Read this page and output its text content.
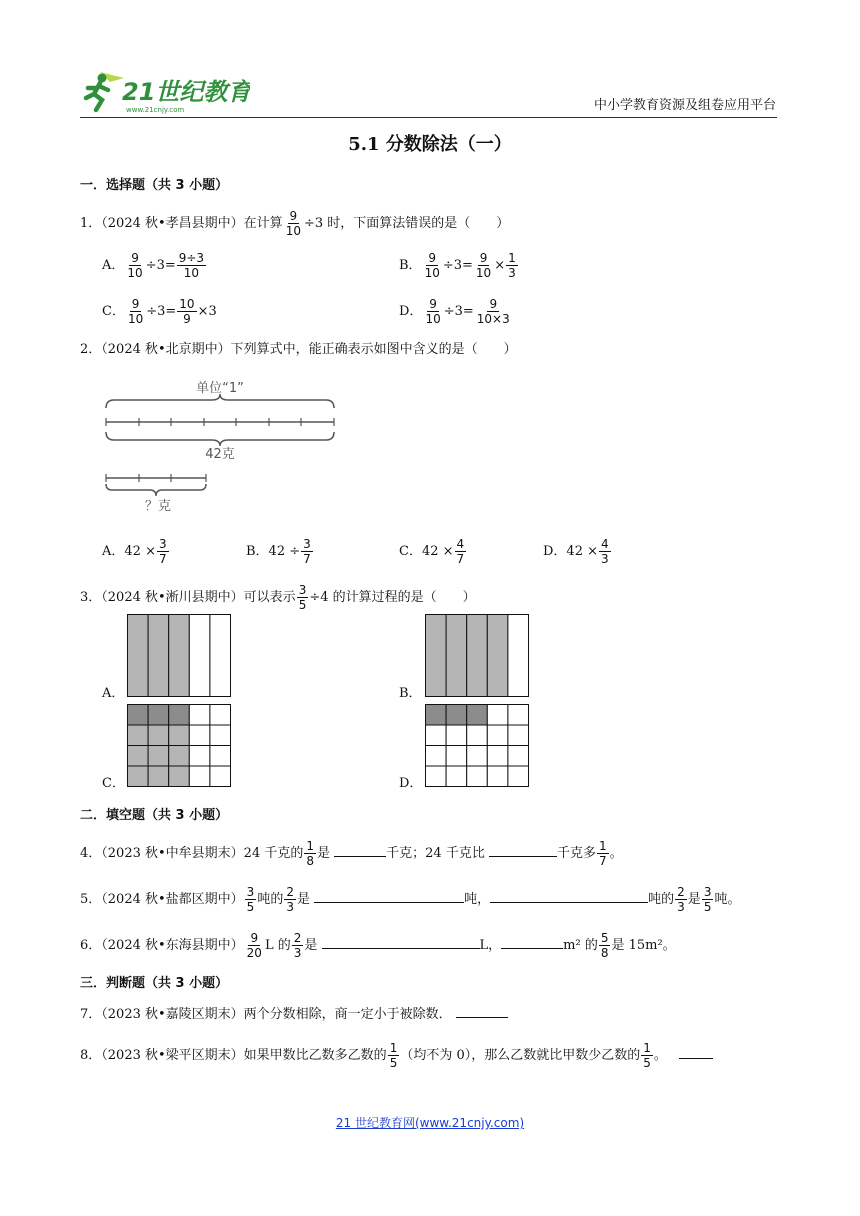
21世纪教育
www.21cnjy.com	中小学教育资源及组卷应用平台
5.1 分数除法（一）
一．选择题（共 3 小题）
1．（2024 秋•孝昌县期中）在计算 $\frac{9}{10} \div 3$ 时，下面算法错误的是（　　）
A． $\frac{9}{10} \div 3= \frac{9\div 3}{10}$	B． $\frac{9}{10} \div 3= \frac{9}{10} \times \frac{1}{3}$
C． $\frac{9}{10} \div 3= \frac{10}{9} \times 3$	D． $\frac{9}{10} \div 3= \frac{9}{10\times 3}$
2．（2024 秋•北京期中）下列算式中，能正确表示如图中含义的是（　　）
单位“1”
42克
？克
A．$42 \times \frac{3}{7}$	B．$42 \div \frac{3}{7}$	C．$42 \times \frac{4}{7}$	D．$42 \times \frac{4}{3}$
3．（2024 秋•淅川县期中）可以表示 $\frac{3}{5} \div 4$ 的计算过程的是（　　）
A．	B．
C．	D．
二．填空题（共 3 小题）
4．（2023 秋•中牟县期末）24 千克的 $\frac{1}{8}$ 是	千克；24 千克比	千克多 $\frac{1}{7}$ 。
5．（2024 秋•盐都区期中） $\frac{3}{5}$ 吨的 $\frac{2}{3}$ 是	吨，	吨的 $\frac{2}{3}$ 是 $\frac{3}{5}$ 吨。
6．（2024 秋•东海县期中） $\frac{9}{20}$ L 的 $\frac{2}{3}$ 是	L，	m² 的 $\frac{5}{8}$ 是 15m²。
三．判断题（共 3 小题）
7．（2023 秋•嘉陵区期末）两个分数相除，商一定小于被除数．
8．（2023 秋•梁平区期末）如果甲数比乙数多乙数的 $\frac{1}{5}$ （均不为 0），那么乙数就比甲数少乙数的 $\frac{1}{5}$ 。
21 世纪教育网(www.21cnjy.com)
